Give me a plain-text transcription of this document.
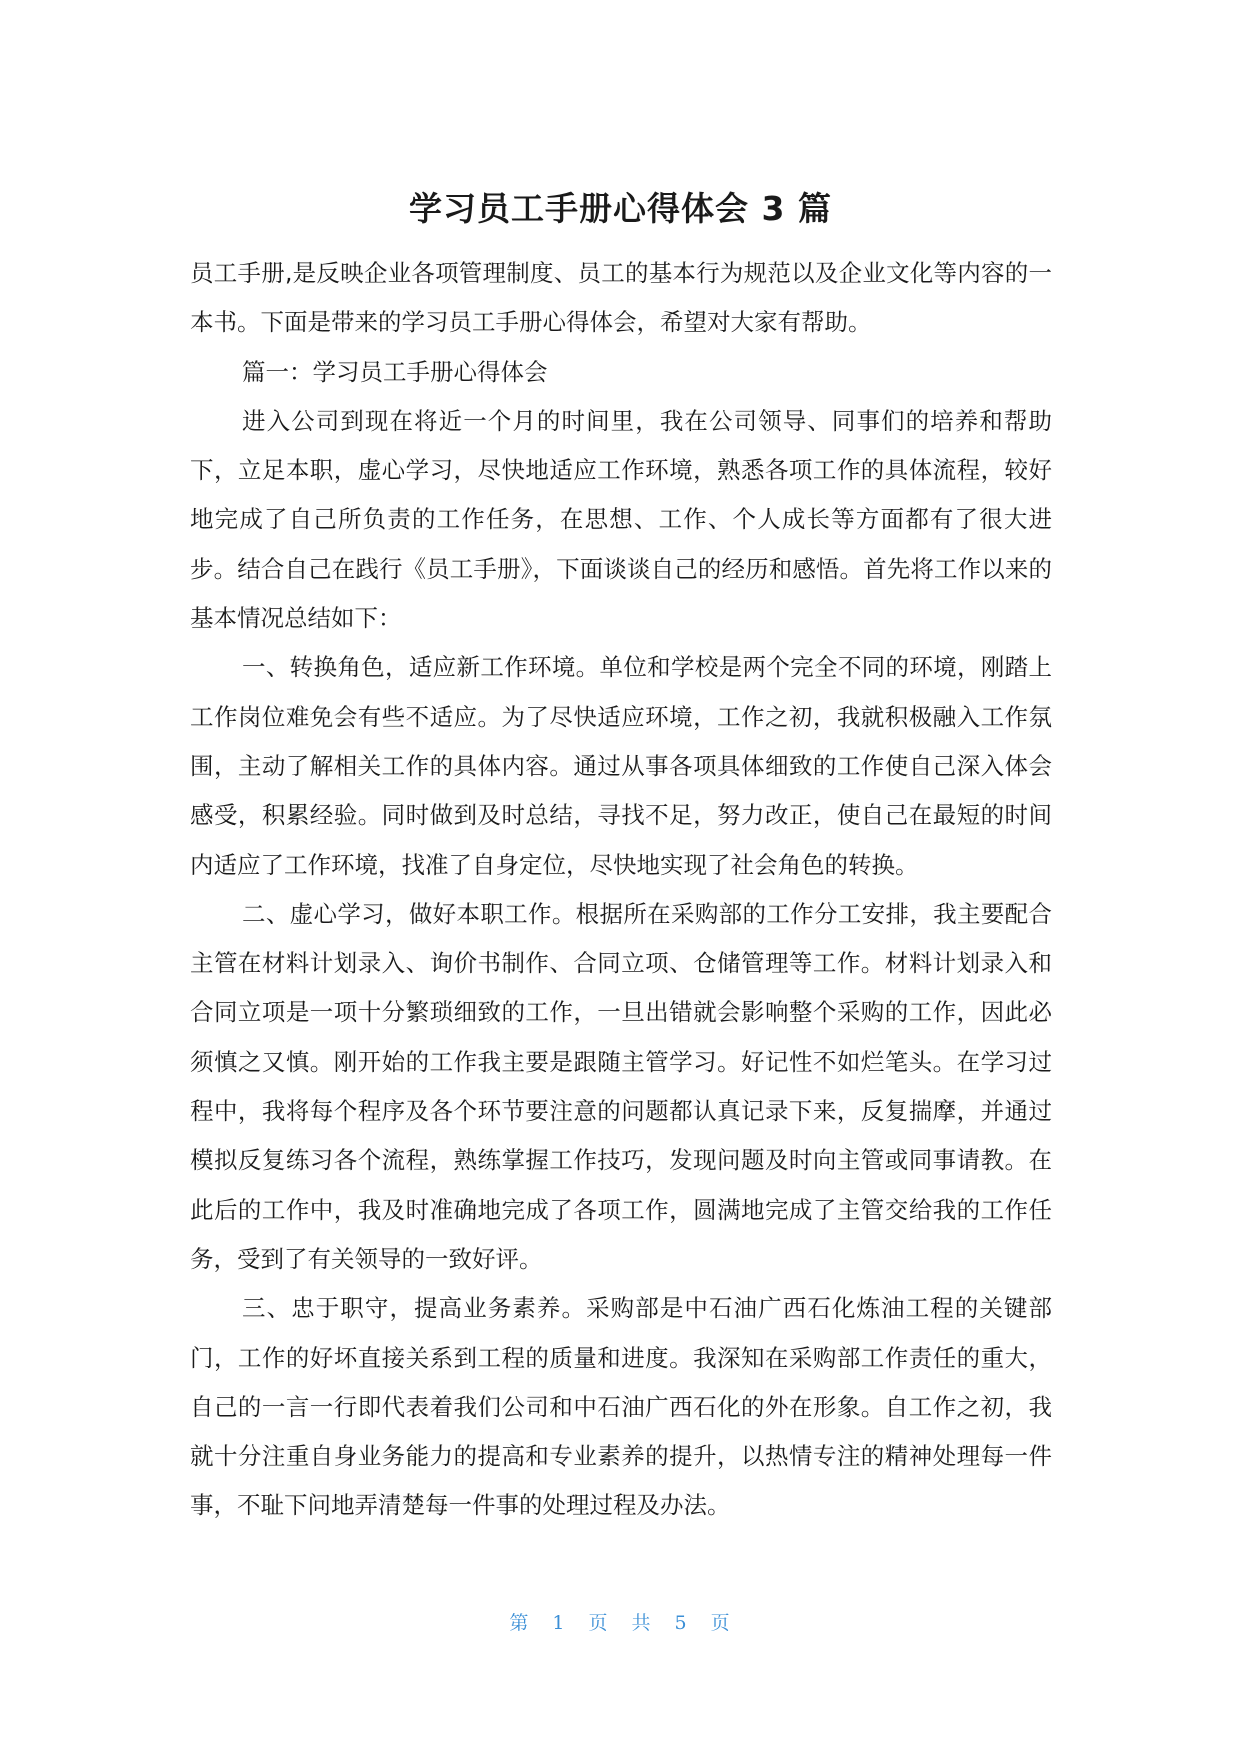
学习员工手册心得体会 3 篇

员工手册,是反映企业各项管理制度、员工的基本行为规范以及企业文化等内容的一本书。下面是带来的学习员工手册心得体会，希望对大家有帮助。

篇一：学习员工手册心得体会

进入公司到现在将近一个月的时间里，我在公司领导、同事们的培养和帮助下，立足本职，虚心学习，尽快地适应工作环境，熟悉各项工作的具体流程，较好地完成了自己所负责的工作任务，在思想、工作、个人成长等方面都有了很大进步。结合自己在践行《员工手册》，下面谈谈自己的经历和感悟。首先将工作以来的基本情况总结如下：

一、转换角色，适应新工作环境。单位和学校是两个完全不同的环境，刚踏上工作岗位难免会有些不适应。为了尽快适应环境，工作之初，我就积极融入工作氛围，主动了解相关工作的具体内容。通过从事各项具体细致的工作使自己深入体会感受，积累经验。同时做到及时总结，寻找不足，努力改正，使自己在最短的时间内适应了工作环境，找准了自身定位，尽快地实现了社会角色的转换。

二、虚心学习，做好本职工作。根据所在采购部的工作分工安排，我主要配合主管在材料计划录入、询价书制作、合同立项、仓储管理等工作。材料计划录入和合同立项是一项十分繁琐细致的工作，一旦出错就会影响整个采购的工作，因此必须慎之又慎。刚开始的工作我主要是跟随主管学习。好记性不如烂笔头。在学习过程中，我将每个程序及各个环节要注意的问题都认真记录下来，反复揣摩，并通过模拟反复练习各个流程，熟练掌握工作技巧，发现问题及时向主管或同事请教。在此后的工作中，我及时准确地完成了各项工作，圆满地完成了主管交给我的工作任务，受到了有关领导的一致好评。

三、忠于职守，提高业务素养。采购部是中石油广西石化炼油工程的关键部门，工作的好坏直接关系到工程的质量和进度。我深知在采购部工作责任的重大，自己的一言一行即代表着我们公司和中石油广西石化的外在形象。自工作之初，我就十分注重自身业务能力的提高和专业素养的提升，以热情专注的精神处理每一件事，不耻下问地弄清楚每一件事的处理过程及办法。

第 1 页 共 5 页
